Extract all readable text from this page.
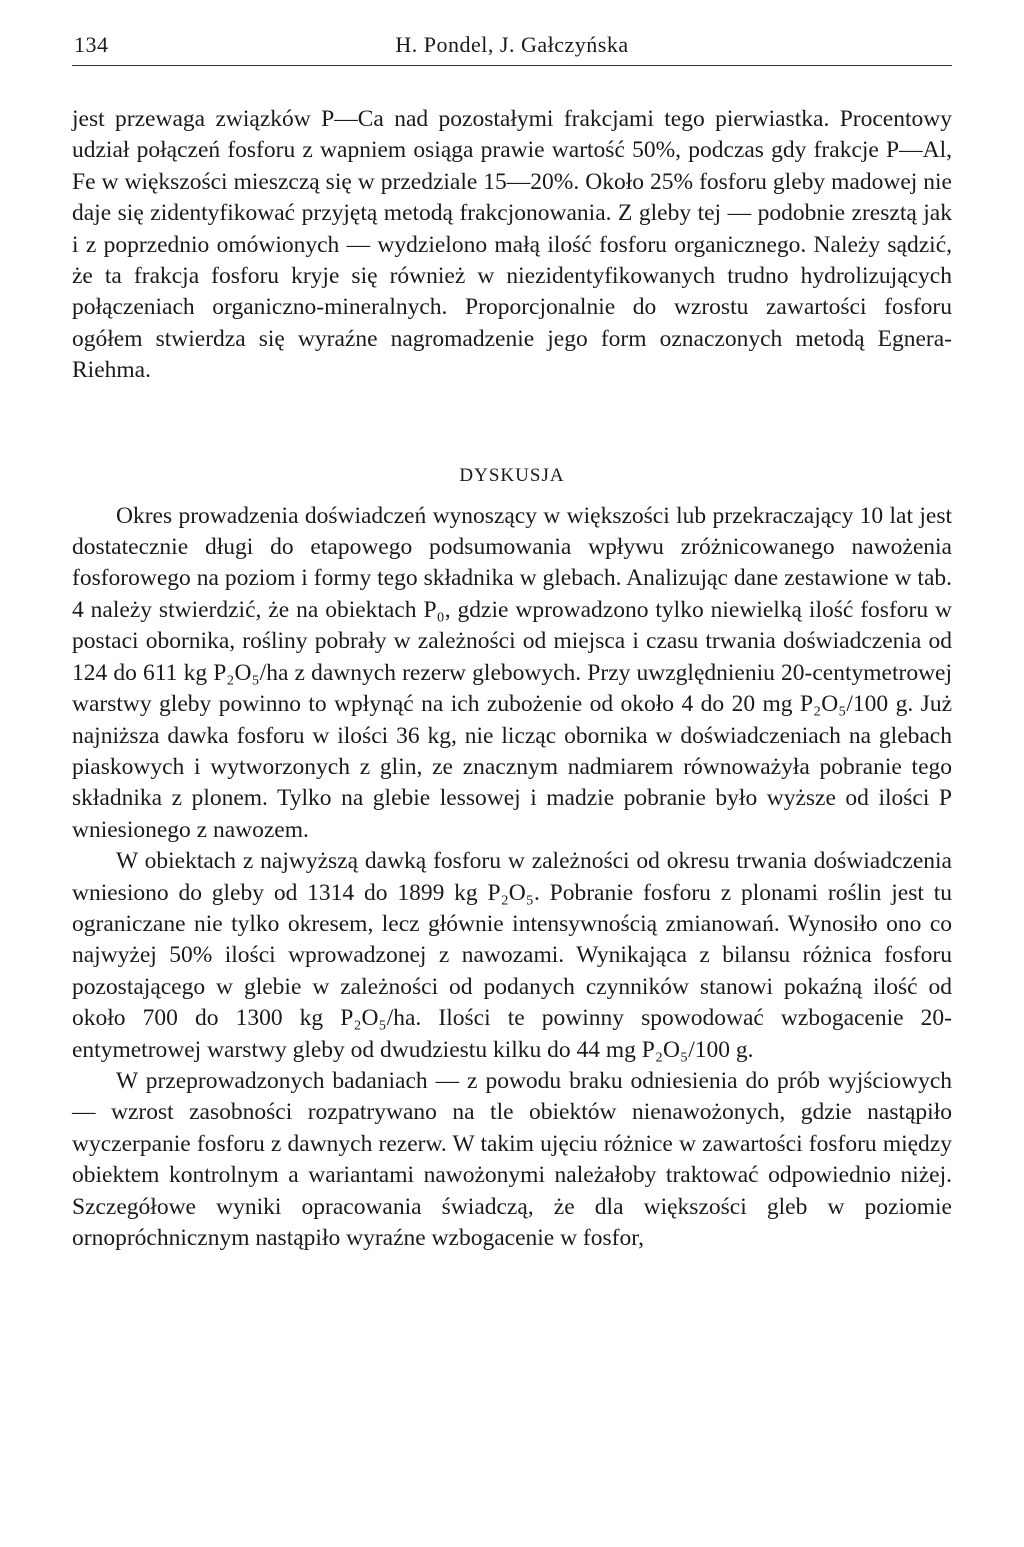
134	H. Pondel, J. Gałczyńska

jest przewaga związków P—Ca nad pozostałymi frakcjami tego pierwiastka. Procentowy udział połączeń fosforu z wapniem osiąga prawie wartość 50%, podczas gdy frakcje P—Al, Fe w większości mieszczą się w przedziale 15—20%. Około 25% fosforu gleby madowej nie daje się zidentyfikować przyjętą metodą frakcjonowania. Z gleby tej — podobnie zresztą jak i z poprzednio omówionych — wydzielono małą ilość fosforu organicznego. Należy sądzić, że ta frakcja fosforu kryje się również w niezidentyfikowanych trudno hydrolizujących połączeniach organiczno-mineralnych. Proporcjonalnie do wzrostu zawartości fosforu ogółem stwierdza się wyraźne nagromadzenie jego form oznaczonych metodą Egnera-Riehma.

DYSKUSJA

Okres prowadzenia doświadczeń wynoszący w większości lub przekraczający 10 lat jest dostatecznie długi do etapowego podsumowania wpływu zróżnicowanego nawożenia fosforowego na poziom i formy tego składnika w glebach. Analizując dane zestawione w tab. 4 należy stwierdzić, że na obiektach P₀, gdzie wprowadzono tylko niewielką ilość fosforu w postaci obornika, rośliny pobrały w zależności od miejsca i czasu trwania doświadczenia od 124 do 611 kg P₂O₅/ha z dawnych rezerw glebowych. Przy uwzględnieniu 20-centymetrowej warstwy gleby powinno to wpłynąć na ich zubożenie od około 4 do 20 mg P₂O₅/100 g. Już najniższa dawka fosforu w ilości 36 kg, nie licząc obornika w doświadczeniach na glebach piaskowych i wytworzonych z glin, ze znacznym nadmiarem równoważyła pobranie tego składnika z plonem. Tylko na glebie lessowej i madzie pobranie było wyższe od ilości P wniesionego z nawozem.

W obiektach z najwyższą dawką fosforu w zależności od okresu trwania doświadczenia wniesiono do gleby od 1314 do 1899 kg P₂O₅. Pobranie fosforu z plonami roślin jest tu ograniczane nie tylko okresem, lecz głównie intensywnością zmianowań. Wynosiło ono co najwyżej 50% ilości wprowadzonej z nawozami. Wynikająca z bilansu różnica fosforu pozostającego w glebie w zależności od podanych czynników stanowi pokaźną ilość od około 700 do 1300 kg P₂O₅/ha. Ilości te powinny spowodować wzbogacenie 20-entymetrowej warstwy gleby od dwudziestu kilku do 44 mg P₂O₅/100 g.

W przeprowadzonych badaniach — z powodu braku odniesienia do prób wyjściowych — wzrost zasobności rozpatrywano na tle obiektów nienawożonych, gdzie nastąpiło wyczerpanie fosforu z dawnych rezerw. W takim ujęciu różnice w zawartości fosforu między obiektem kontrolnym a wariantami nawożonymi należałoby traktować odpowiednio niżej. Szczegółowe wyniki opracowania świadczą, że dla większości gleb w poziomie ornopróchnicznym nastąpiło wyraźne wzbogacenie w fosfor,
